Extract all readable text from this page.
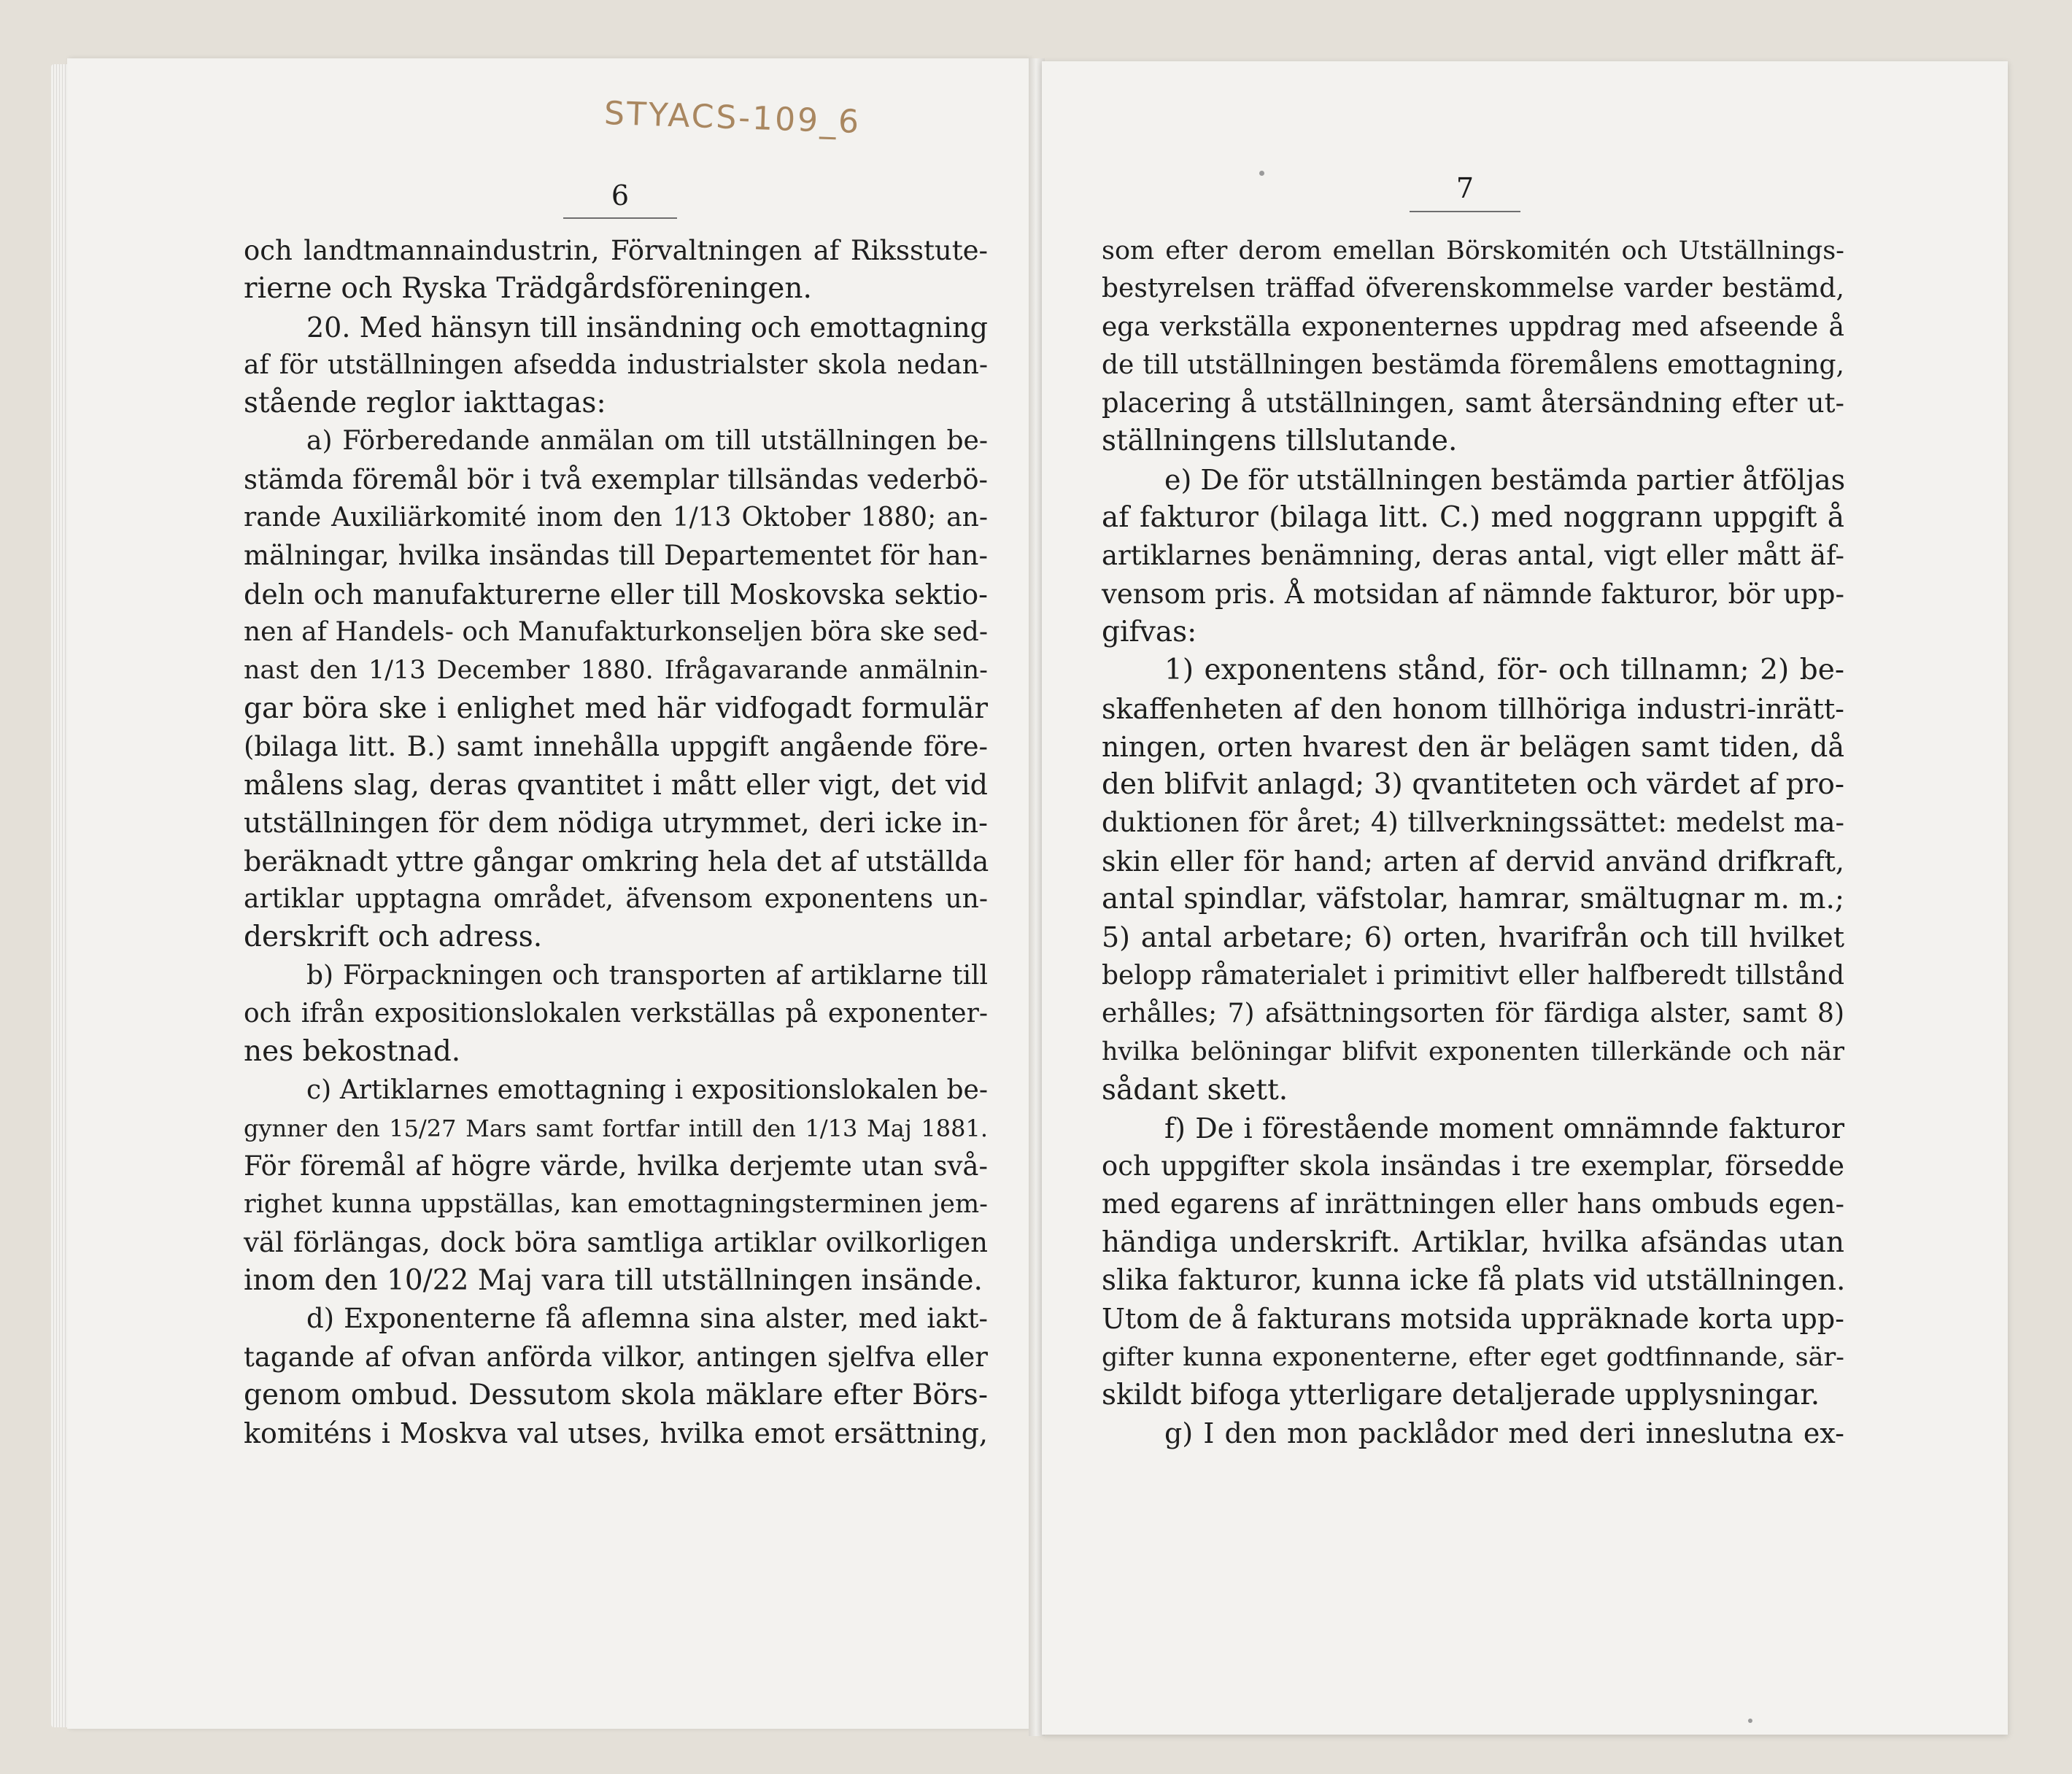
STYACS-109_6
6	7
och landtmannaindustrin, Förvaltningen af Riksstute-
rierne och Ryska Trädgårdsföreningen.
20. Med hänsyn till insändning och emottagning
af för utställningen afsedda industrialster skola nedan-
stående reglor iakttagas:
a) Förberedande anmälan om till utställningen be-
stämda föremål bör i två exemplar tillsändas vederbö-
rande Auxiliärkomité inom den 1/13 Oktober 1880; an-
mälningar, hvilka insändas till Departementet för han-
deln och manufakturerne eller till Moskovska sektio-
nen af Handels- och Manufakturkonseljen böra ske sed-
nast den 1/13 December 1880. Ifrågavarande anmälnin-
gar böra ske i enlighet med här vidfogadt formulär
(bilaga litt. B.) samt innehålla uppgift angående före-
målens slag, deras qvantitet i mått eller vigt, det vid
utställningen för dem nödiga utrymmet, deri icke in-
beräknadt yttre gångar omkring hela det af utställda
artiklar upptagna området, äfvensom exponentens un-
derskrift och adress.
b) Förpackningen och transporten af artiklarne till
och ifrån expositionslokalen verkställas på exponenter-
nes bekostnad.
c) Artiklarnes emottagning i expositionslokalen be-
gynner den 15/27 Mars samt fortfar intill den 1/13 Maj 1881.
För föremål af högre värde, hvilka derjemte utan svå-
righet kunna uppställas, kan emottagningsterminen jem-
väl förlängas, dock böra samtliga artiklar ovilkorligen
inom den 10/22 Maj vara till utställningen insände.
d) Exponenterne få aflemna sina alster, med iakt-
tagande af ofvan anförda vilkor, antingen sjelfva eller
genom ombud. Dessutom skola mäklare efter Börs-
komiténs i Moskva val utses, hvilka emot ersättning,
som efter derom emellan Börskomitén och Utställnings-
bestyrelsen träffad öfverenskommelse varder bestämd,
ega verkställa exponenternes uppdrag med afseende å
de till utställningen bestämda föremålens emottagning,
placering å utställningen, samt återsändning efter ut-
ställningens tillslutande.
e) De för utställningen bestämda partier åtföljas
af fakturor (bilaga litt. C.) med noggrann uppgift å
artiklarnes benämning, deras antal, vigt eller mått äf-
vensom pris. Å motsidan af nämnde fakturor, bör upp-
gifvas:
1) exponentens stånd, för- och tillnamn; 2) be-
skaffenheten af den honom tillhöriga industri-inrätt-
ningen, orten hvarest den är belägen samt tiden, då
den blifvit anlagd; 3) qvantiteten och värdet af pro-
duktionen för året; 4) tillverkningssättet: medelst ma-
skin eller för hand; arten af dervid använd drifkraft,
antal spindlar, väfstolar, hamrar, smältugnar m. m.;
5) antal arbetare; 6) orten, hvarifrån och till hvilket
belopp råmaterialet i primitivt eller halfberedt tillstånd
erhålles; 7) afsättningsorten för färdiga alster, samt 8)
hvilka belöningar blifvit exponenten tillerkände och när
sådant skett.
f) De i förestående moment omnämnde fakturor
och uppgifter skola insändas i tre exemplar, försedde
med egarens af inrättningen eller hans ombuds egen-
händiga underskrift. Artiklar, hvilka afsändas utan
slika fakturor, kunna icke få plats vid utställningen.
Utom de å fakturans motsida uppräknade korta upp-
gifter kunna exponenterne, efter eget godtfinnande, sär-
skildt bifoga ytterligare detaljerade upplysningar.
g) I den mon packlådor med deri inneslutna ex-
